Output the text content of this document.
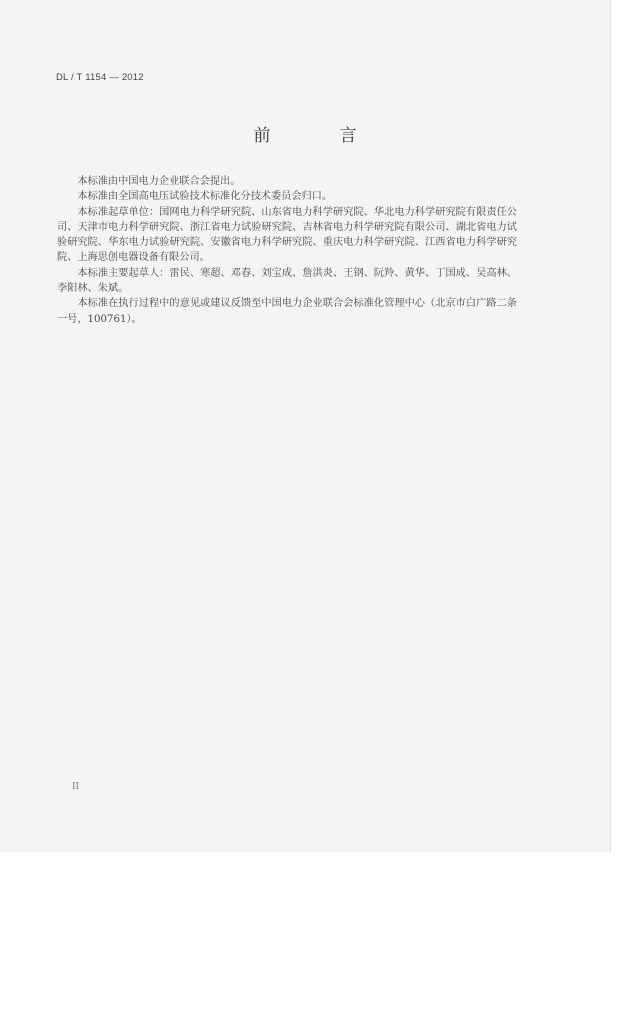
DL / T 1154 — 2012
前　言

本标准由中国电力企业联合会提出。

本标准由全国高电压试验技术标准化分技术委员会归口。

本标准起草单位：国网电力科学研究院、山东省电力科学研究院、华北电力科学研究院有限责任公司、天津市电力科学研究院、浙江省电力试验研究院、吉林省电力科学研究院有限公司、湖北省电力试验研究院、华东电力试验研究院、安徽省电力科学研究院、重庆电力科学研究院、江西省电力科学研究院、上海思创电器设备有限公司。

本标准主要起草人：雷民、寒超、邓春、刘宝成、詹洪炎、王钢、阮羚、黄华、丁国成、吴高林、李阳林、朱斌。

本标准在执行过程中的意见或建议反馈至中国电力企业联合会标准化管理中心（北京市白广路二条一号，100761）。

II
